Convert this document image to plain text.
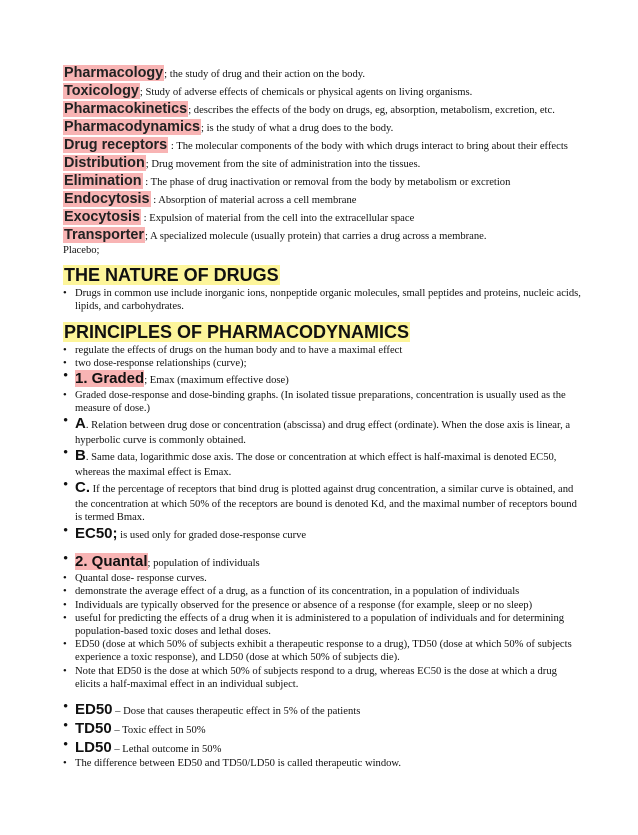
Pharmacology; the study of drug and their action on the body.

Toxicology; Study of adverse effects of chemicals or physical agents on living organisms.

Pharmacokinetics; describes the effects of the body on drugs, eg, absorption, metabolism, excretion, etc.

Pharmacodynamics; is the study of what a drug does to the body.

Drug receptors : The molecular components of the body with which drugs interact to bring about their effects

Distribution; Drug movement from the site of administration into the tissues.

Elimination : The phase of drug inactivation or removal from the body by metabolism or excretion

Endocytosis : Absorption of material across a cell membrane

Exocytosis : Expulsion of material from the cell into the extracellular space

Transporter; A specialized molecule (usually protein) that carries a drug across a membrane.

Placebo;

THE NATURE OF DRUGS
• Drugs in common use include inorganic ions, nonpeptide organic molecules, small peptides and proteins, nucleic acids, lipids, and carbohydrates.
PRINCIPLES OF PHARMACODYNAMICS
• regulate the effects of drugs on the human body and to have a maximal effect
• two dose-response relationships (curve);
• 1. Graded; Emax (maximum effective dose)
• Graded dose-response and dose-binding graphs. (In isolated tissue preparations, concentration is usually used as the measure of dose.)
• A. Relation between drug dose or concentration (abscissa) and drug effect (ordinate). When the dose axis is linear, a hyperbolic curve is commonly obtained.
• B. Same data, logarithmic dose axis. The dose or concentration at which effect is half-maximal is denoted EC50, whereas the maximal effect is Emax.
• C. If the percentage of receptors that bind drug is plotted against drug concentration, a similar curve is obtained, and the concentration at which 50% of the receptors are bound is denoted Kd, and the maximal number of receptors bound is termed Bmax.
• EC50; is used only for graded dose-response curve
• 2. Quantal; population of individuals
• Quantal dose- response curves.
• demonstrate the average effect of a drug, as a function of its concentration, in a population of individuals
• Individuals are typically observed for the presence or absence of a response (for example, sleep or no sleep)
• useful for predicting the effects of a drug when it is administered to a population of individuals and for determining population-based toxic doses and lethal doses.
• ED50 (dose at which 50% of subjects exhibit a therapeutic response to a drug), TD50 (dose at which 50% of subjects experience a toxic response), and LD50 (dose at which 50% of subjects die).
• Note that ED50 is the dose at which 50% of subjects respond to a drug, whereas EC50 is the dose at which a drug elicits a half-maximal effect in an individual subject.
• ED50 – Dose that causes therapeutic effect in 5% of the patients
• TD50 – Toxic effect in 50%
• LD50 – Lethal outcome in 50%
• The difference between ED50 and TD50/LD50 is called therapeutic window.
